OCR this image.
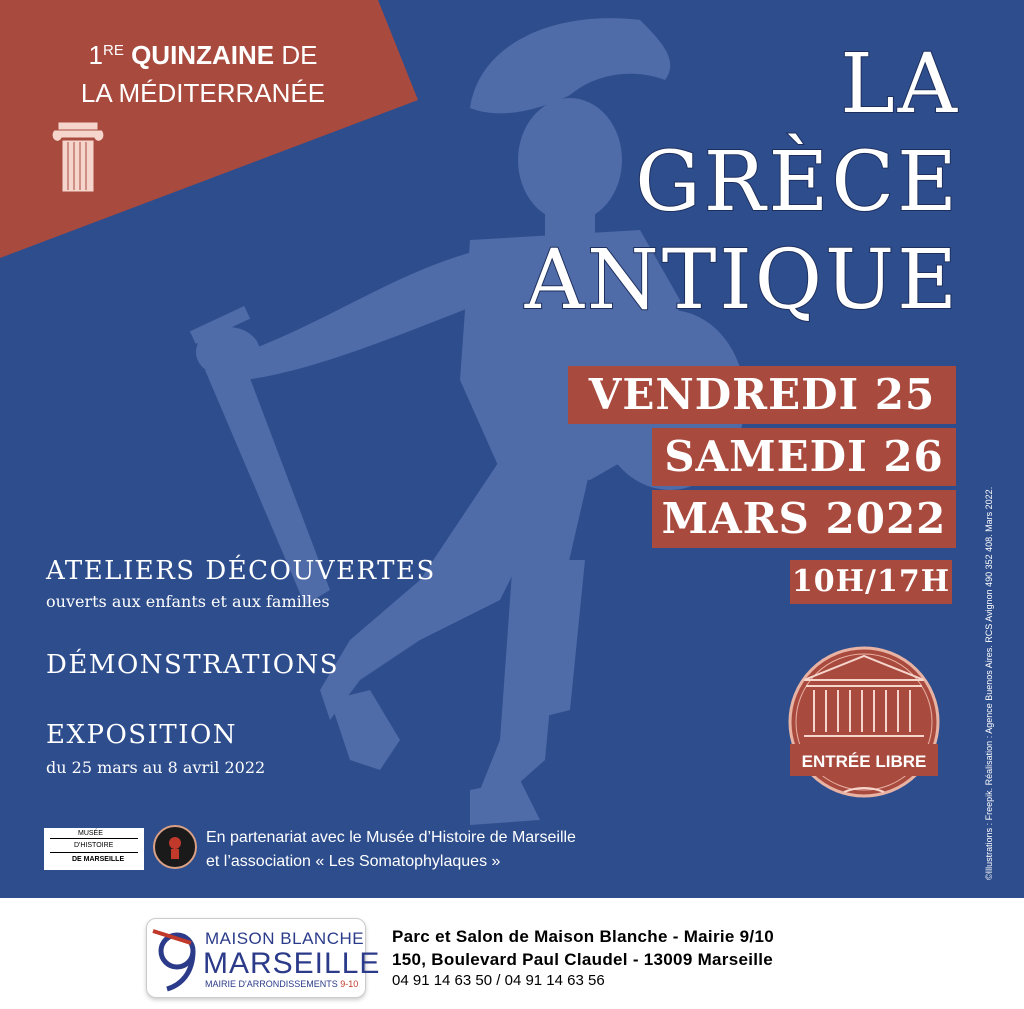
1RE QUINZAINE DE
LA MÉDITERRANÉE	LA
GRÈCE
ANTIQUE
VENDREDI 25
SAMEDI 26
MARS 2022
10H/17H
ATELIERS DÉCOUVERTES
ouverts aux enfants et aux familles
DÉMONSTRATIONS
EXPOSITION
du 25 mars au 8 avril 2022	ENTRÉE LIBRE
MUSÉE
D'HISTOIRE
DE MARSEILLE
En partenariat avec le Musée d’Histoire de Marseille
et l’association « Les Somatophylaques »	©Illustrations : Freepik. Réalisation : Agence Buenos Aires. RCS Avignon 490 352 408. Mars 2022.
MAISON BLANCHE
MARSEILLE
MAIRIE D'ARRONDISSEMENTS 9-10
Parc et Salon de Maison Blanche - Mairie 9/10
150, Boulevard Paul Claudel - 13009 Marseille
04 91 14 63 50 / 04 91 14 63 56
